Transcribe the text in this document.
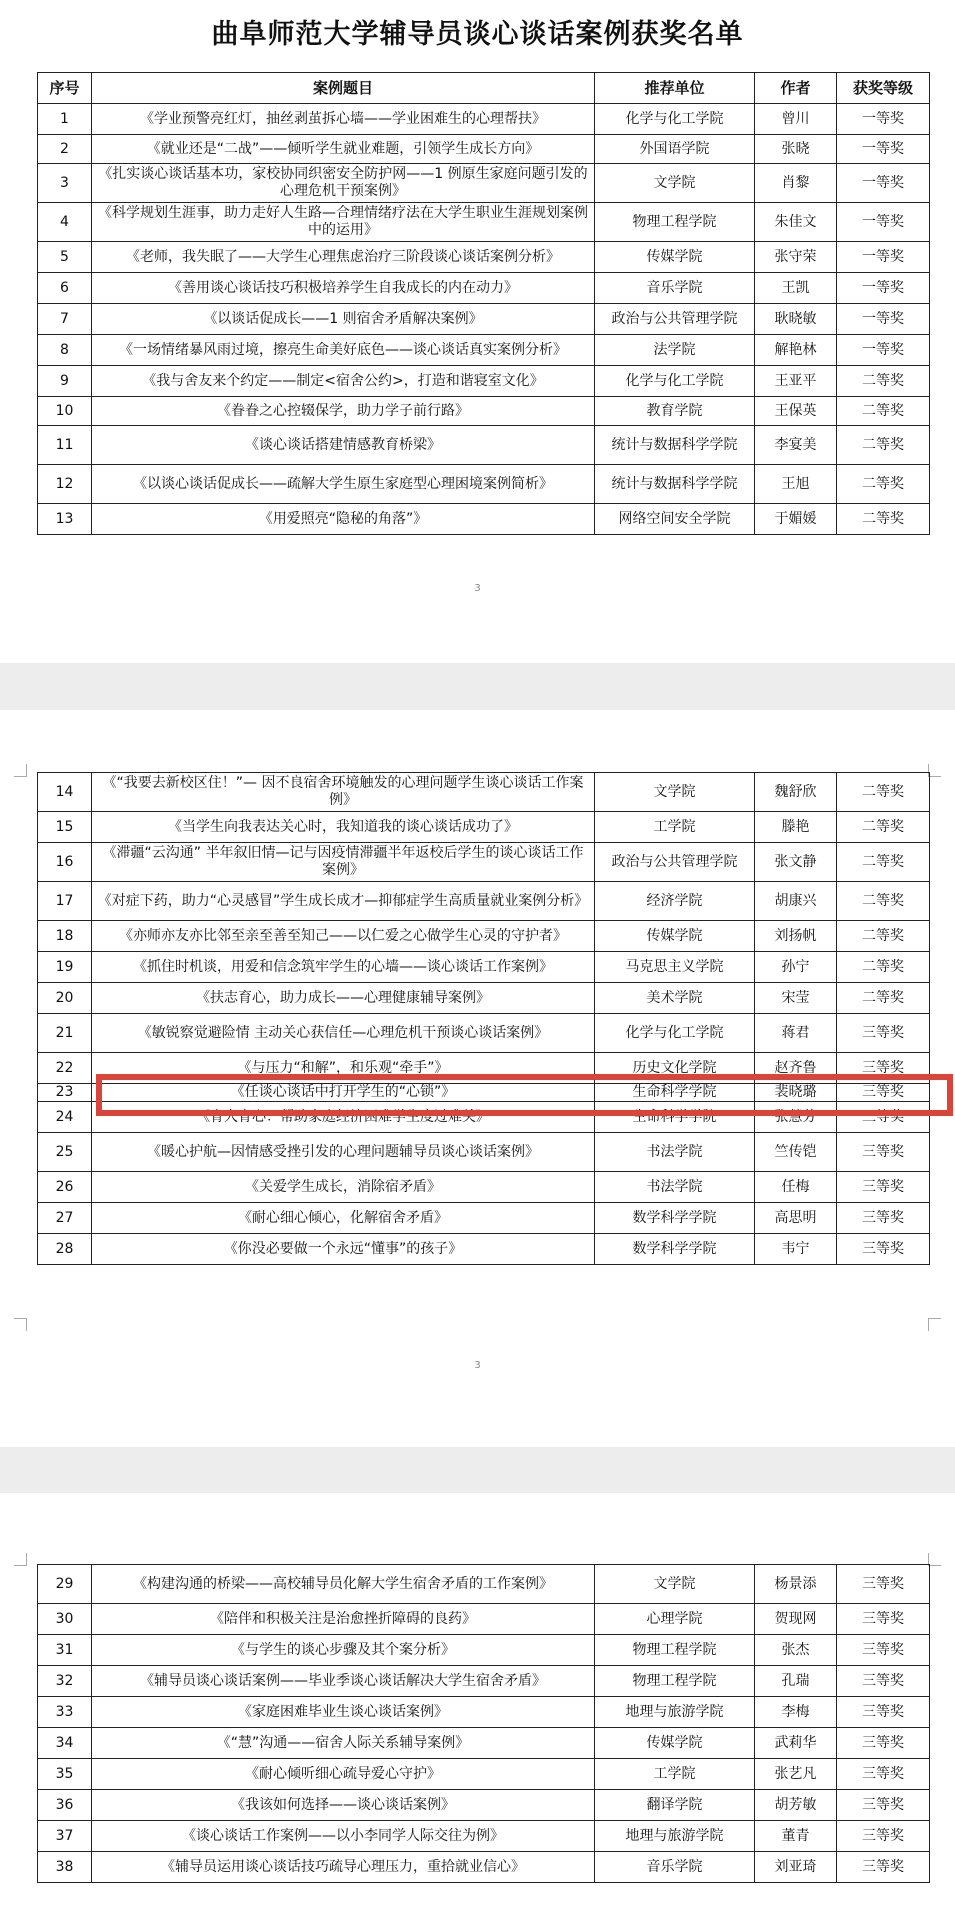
曲阜师范大学辅导员谈心谈话案例获奖名单
序号	案例题目	推荐单位	作者	获奖等级
1	《学业预警亮红灯，抽丝剥茧拆心墙——学业困难生的心理帮扶》	化学与化工学院	曾川	一等奖
2	《就业还是“二战”——倾听学生就业难题，引领学生成长方向》	外国语学院	张晓	一等奖
3	《扎实谈心谈话基本功，家校协同织密安全防护网——1 例原生家庭问题引发的心理危机干预案例》	文学院	肖黎	一等奖
4	《科学规划生涯事，助力走好人生路—合理情绪疗法在大学生职业生涯规划案例中的运用》	物理工程学院	朱佳文	一等奖
5	《老师，我失眠了——大学生心理焦虑治疗三阶段谈心谈话案例分析》	传媒学院	张守荣	一等奖
6	《善用谈心谈话技巧积极培养学生自我成长的内在动力》	音乐学院	王凯	一等奖
7	《以谈话促成长——1 则宿舍矛盾解决案例》	政治与公共管理学院	耿晓敏	一等奖
8	《一场情绪暴风雨过境，擦亮生命美好底色——谈心谈话真实案例分析》	法学院	解艳林	一等奖
9	《我与舍友来个约定——制定<宿舍公约>，打造和谐寝室文化》	化学与化工学院	王亚平	二等奖
10	《眷眷之心控辍保学，助力学子前行路》	教育学院	王保英	二等奖
11	《谈心谈话搭建情感教育桥梁》	统计与数据科学学院	李宴美	二等奖
12	《以谈心谈话促成长——疏解大学生原生家庭型心理困境案例简析》	统计与数据科学学院	王旭	二等奖
13	《用爱照亮“隐秘的角落”》	网络空间安全学院	于媚媛	二等奖
3
14	《“我要去新校区住！”— 因不良宿舍环境触发的心理问题学生谈心谈话工作案例》	文学院	魏舒欣	二等奖
15	《当学生向我表达关心时，我知道我的谈心谈话成功了》	工学院	滕艳	二等奖
16	《滞疆“云沟通” 半年叙旧情—记与因疫情滞疆半年返校后学生的谈心谈话工作案例》	政治与公共管理学院	张文静	二等奖
17	《对症下药，助力“心灵感冒”学生成长成才—抑郁症学生高质量就业案例分析》	经济学院	胡康兴	二等奖
18	《亦师亦友亦比邻至亲至善至知己——以仁爱之心做学生心灵的守护者》	传媒学院	刘扬帆	二等奖
19	《抓住时机谈，用爱和信念筑牢学生的心墙——谈心谈话工作案例》	马克思主义学院	孙宁	二等奖
20	《扶志育心，助力成长——心理健康辅导案例》	美术学院	宋莹	二等奖
21	《敏锐察觉避险情 主动关心获信任—心理危机干预谈心谈话案例》	化学与化工学院	蒋君	三等奖
22	《与压力“和解”，和乐观“牵手”》	历史文化学院	赵齐鲁	三等奖
23	《任谈心谈话中打开学生的“心锁”》	生命科学学院	裴晓璐	三等奖
24	《育人育心：帮助家庭经济困难学生度过难关》	生命科学学院	张慧芳	三等奖
25	《暖心护航—因情感受挫引发的心理问题辅导员谈心谈话案例》	书法学院	竺传铠	三等奖
26	《关爱学生成长，消除宿矛盾》	书法学院	任梅	三等奖
27	《耐心细心倾心，化解宿舍矛盾》	数学科学学院	高思明	三等奖
28	《你没必要做一个永远“懂事”的孩子》	数学科学学院	韦宁	三等奖
3
29	《构建沟通的桥梁——高校辅导员化解大学生宿舍矛盾的工作案例》	文学院	杨景添	三等奖
30	《陪伴和积极关注是治愈挫折障碍的良药》	心理学院	贺现网	三等奖
31	《与学生的谈心步骤及其个案分析》	物理工程学院	张杰	三等奖
32	《辅导员谈心谈话案例——毕业季谈心谈话解决大学生宿舍矛盾》	物理工程学院	孔瑞	三等奖
33	《家庭困难毕业生谈心谈话案例》	地理与旅游学院	李梅	三等奖
34	《“慧”沟通——宿舍人际关系辅导案例》	传媒学院	武莉华	三等奖
35	《耐心倾听细心疏导爱心守护》	工学院	张艺凡	三等奖
36	《我该如何选择——谈心谈话案例》	翻译学院	胡芳敏	三等奖
37	《谈心谈话工作案例——以小李同学人际交往为例》	地理与旅游学院	董青	三等奖
38	《辅导员运用谈心谈话技巧疏导心理压力，重拾就业信心》	音乐学院	刘亚琦	三等奖
